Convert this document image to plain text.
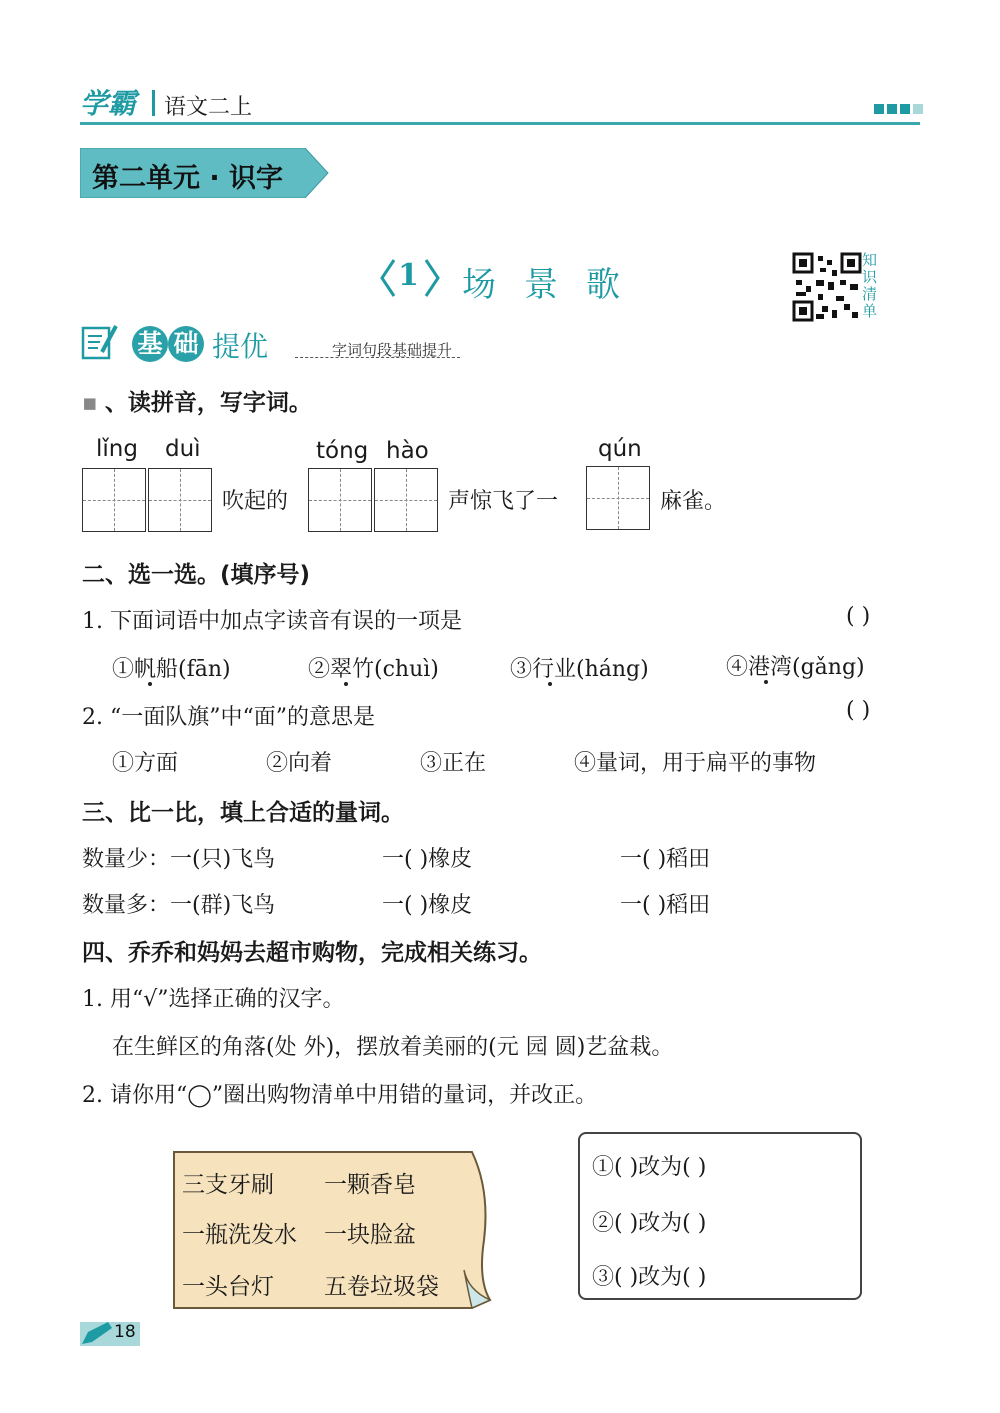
学霸 语文二上
第二单元 · 识字
1 场景歌
知识清单
基 础 提优	字词句段基础提升
▪ 、读拼音，写字词。
lǐng duì	tóng hào	qún
吹起的	声惊飞了一	麻雀。
二、选一选。(填序号)
1. 下面词语中加点字读音有误的一项是	( )
①帆船(fān)	②翠竹(chuì)	③行业(háng)	④港湾(gǎng)
2. “一面队旗”中“面”的意思是	( )
①方面	②向着	③正在	④量词，用于扁平的事物
三、比一比，填上合适的量词。
数量少：一(只)飞鸟	一( )橡皮	一( )稻田
数量多：一(群)飞鸟	一( )橡皮	一( )稻田
四、乔乔和妈妈去超市购物，完成相关练习。
1. 用“√”选择正确的汉字。
在生鲜区的角落(处 外)，摆放着美丽的(元 园 圆)艺盆栽。
2. 请你用“◯”圈出购物清单中用错的量词，并改正。
三支牙刷 一颗香皂
一瓶洗发水 一块脸盆
一头台灯 五卷垃圾袋
①( )改为( )
②( )改为( )
③( )改为( )
18
